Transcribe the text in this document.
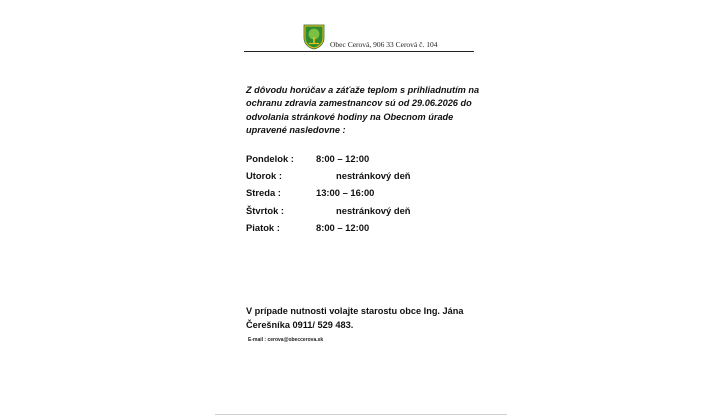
Obec Cerová, 906 33 Cerová č. 104

Z dôvodu horúčav a záťaže teplom s prihliadnutím na ochranu zdravia zamestnancov sú od 29.06.2026 do odvolania stránkové hodiny na Obecnom úrade upravené nasledovne :

Pondelok : 8:00 – 12:00
Utorok :	nestránkový deň
Streda :	13:00 – 16:00
Štvrtok :	nestránkový deň
Piatok :	8:00 – 12:00

V prípade nutnosti volajte starostu obce Ing. Jána Čerešníka 0911/ 529 483.

E-mail : cerova@obeccerova.sk
